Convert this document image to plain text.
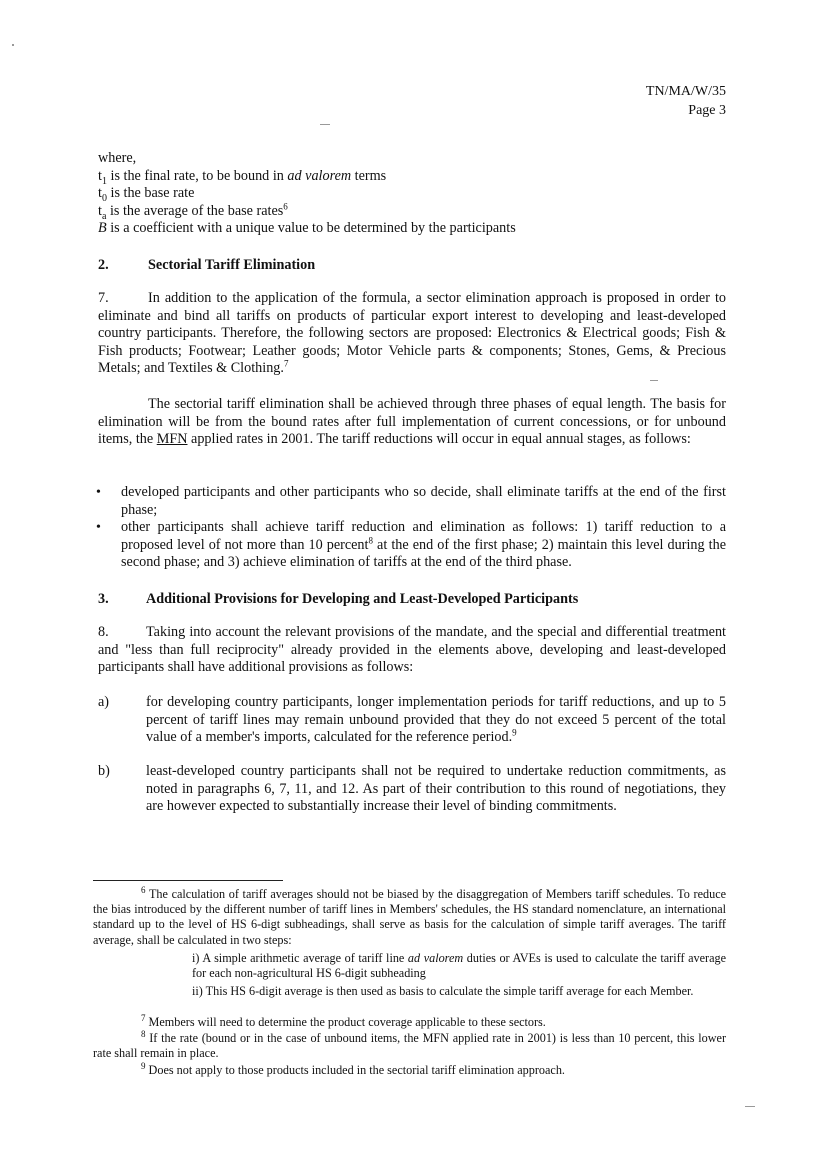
TN/MA/W/35
Page 3
where,
$t_1$ is the final rate, to be bound in ad valorem terms
$t_0$ is the base rate
$t_a$ is the average of the base rates$^6$
B is a coefficient with a unique value to be determined by the participants
2.	Sectorial Tariff Elimination
7.	In addition to the application of the formula, a sector elimination approach is proposed in order to eliminate and bind all tariffs on products of particular export interest to developing and least-developed country participants. Therefore, the following sectors are proposed: Electronics & Electrical goods; Fish & Fish products; Footwear; Leather goods; Motor Vehicle parts & components; Stones, Gems, & Precious Metals; and Textiles & Clothing.$^7$
The sectorial tariff elimination shall be achieved through three phases of equal length. The basis for elimination will be from the bound rates after full implementation of current concessions, or for unbound items, the MFN applied rates in 2001. The tariff reductions will occur in equal annual stages, as follows:
• developed participants and other participants who so decide, shall eliminate tariffs at the end of the first phase;
• other participants shall achieve tariff reduction and elimination as follows: 1) tariff reduction to a proposed level of not more than 10 percent$^8$ at the end of the first phase; 2) maintain this level during the second phase; and 3) achieve elimination of tariffs at the end of the third phase.
3.	Additional Provisions for Developing and Least-Developed Participants
8.	Taking into account the relevant provisions of the mandate, and the special and differential treatment and "less than full reciprocity" already provided in the elements above, developing and least-developed participants shall have additional provisions as follows:
a)	for developing country participants, longer implementation periods for tariff reductions, and up to 5 percent of tariff lines may remain unbound provided that they do not exceed 5 percent of the total value of a member's imports, calculated for the reference period.$^9$
b)	least-developed country participants shall not be required to undertake reduction commitments, as noted in paragraphs 6, 7, 11, and 12. As part of their contribution to this round of negotiations, they are however expected to substantially increase their level of binding commitments.
$^6$ The calculation of tariff averages should not be biased by the disaggregation of Members tariff schedules. To reduce the bias introduced by the different number of tariff lines in Members' schedules, the HS standard nomenclature, an international standard up to the level of HS 6-digt subheadings, shall serve as basis for the calculation of simple tariff averages. The tariff average, shall be calculated in two steps:
i) A simple arithmetic average of tariff line ad valorem duties or AVEs is used to calculate the tariff average for each non-agricultural HS 6-digit subheading
ii) This HS 6-digit average is then used as basis to calculate the simple tariff average for each Member.
$^7$ Members will need to determine the product coverage applicable to these sectors.
$^8$ If the rate (bound or in the case of unbound items, the MFN applied rate in 2001) is less than 10 percent, this lower rate shall remain in place.
$^9$ Does not apply to those products included in the sectorial tariff elimination approach.
